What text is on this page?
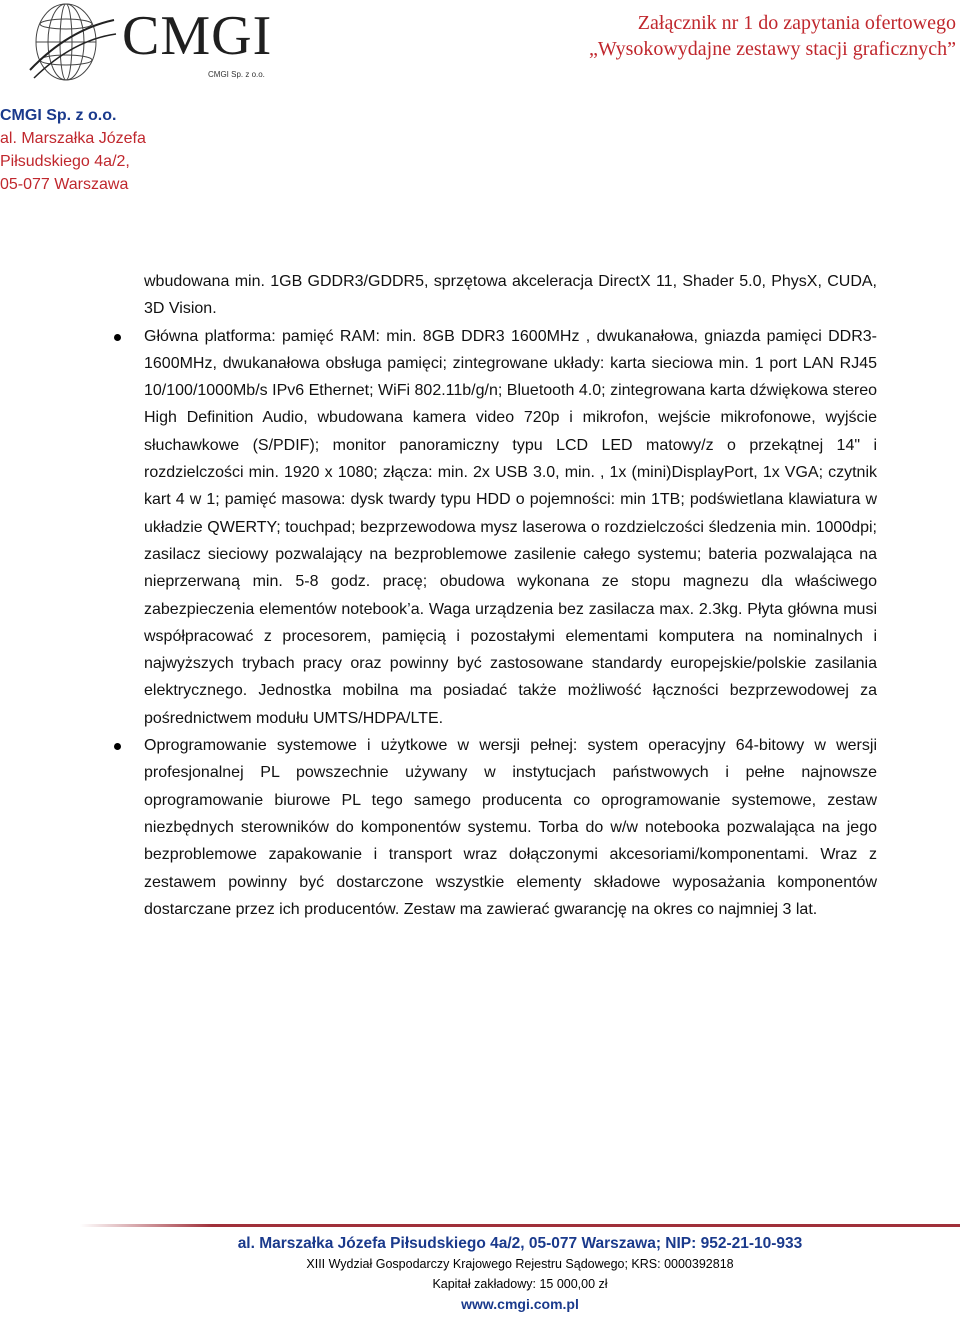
CMGI
CMGI Sp. z o.o.
Załącznik nr 1 do zapytania ofertowego
„Wysokowydajne zestawy stacji graficznych”
CMGI Sp. z o.o.
al. Marszałka Józefa
Piłsudskiego 4a/2,
05-077 Warszawa

wbudowana min. 1GB GDDR3/GDDR5, sprzętowa akceleracja DirectX 11, Shader 5.0, PhysX, CUDA, 3D Vision.

Główna platforma: pamięć RAM: min. 8GB DDR3 1600MHz , dwukanałowa, gniazda pamięci DDR3-1600MHz, dwukanałowa obsługa pamięci; zintegrowane układy: karta sieciowa min. 1 port LAN RJ45 10/100/1000Mb/s IPv6 Ethernet; WiFi 802.11b/g/n; Bluetooth 4.0; zintegrowana karta dźwiękowa stereo High Definition Audio, wbudowana kamera video 720p i mikrofon, wejście mikrofonowe, wyjście słuchawkowe (S/PDIF); monitor panoramiczny typu LCD LED matowy/z o przekątnej 14" i rozdzielczości min. 1920 x 1080; złącza: min. 2x USB 3.0, min. , 1x (mini)DisplayPort, 1x VGA; czytnik kart 4 w 1; pamięć masowa: dysk twardy typu HDD o pojemności: min 1TB; podświetlana klawiatura w układzie QWERTY; touchpad; bezprzewodowa mysz laserowa o rozdzielczości śledzenia min. 1000dpi; zasilacz sieciowy pozwalający na bezproblemowe zasilenie całego systemu; bateria pozwalająca na nieprzerwaną min. 5-8 godz. pracę; obudowa wykonana ze stopu magnezu dla właściwego zabezpieczenia elementów notebook’a. Waga urządzenia bez zasilacza max. 2.3kg. Płyta główna musi współpracować z procesorem, pamięcią i pozostałymi elementami komputera na nominalnych i najwyższych trybach pracy oraz powinny być zastosowane standardy europejskie/polskie zasilania elektrycznego. Jednostka mobilna ma posiadać także możliwość łączności bezprzewodowej za pośrednictwem modułu UMTS/HDPA/LTE.

Oprogramowanie systemowe i użytkowe w wersji pełnej: system operacyjny 64-bitowy w wersji profesjonalnej PL powszechnie używany w instytucjach państwowych i pełne najnowsze oprogramowanie biurowe PL tego samego producenta co oprogramowanie systemowe, zestaw niezbędnych sterowników do komponentów systemu. Torba do w/w notebooka pozwalająca na jego bezproblemowe zapakowanie i transport wraz dołączonymi akcesoriami/komponentami. Wraz z zestawem powinny być dostarczone wszystkie elementy składowe wyposażania komponentów dostarczane przez ich producentów. Zestaw ma zawierać gwarancję na okres co najmniej 3 lat.

al. Marszałka Józefa Piłsudskiego 4a/2, 05-077 Warszawa; NIP: 952-21-10-933
XIII Wydział Gospodarczy Krajowego Rejestru Sądowego; KRS: 0000392818
Kapitał zakładowy: 15 000,00 zł
www.cmgi.com.pl
